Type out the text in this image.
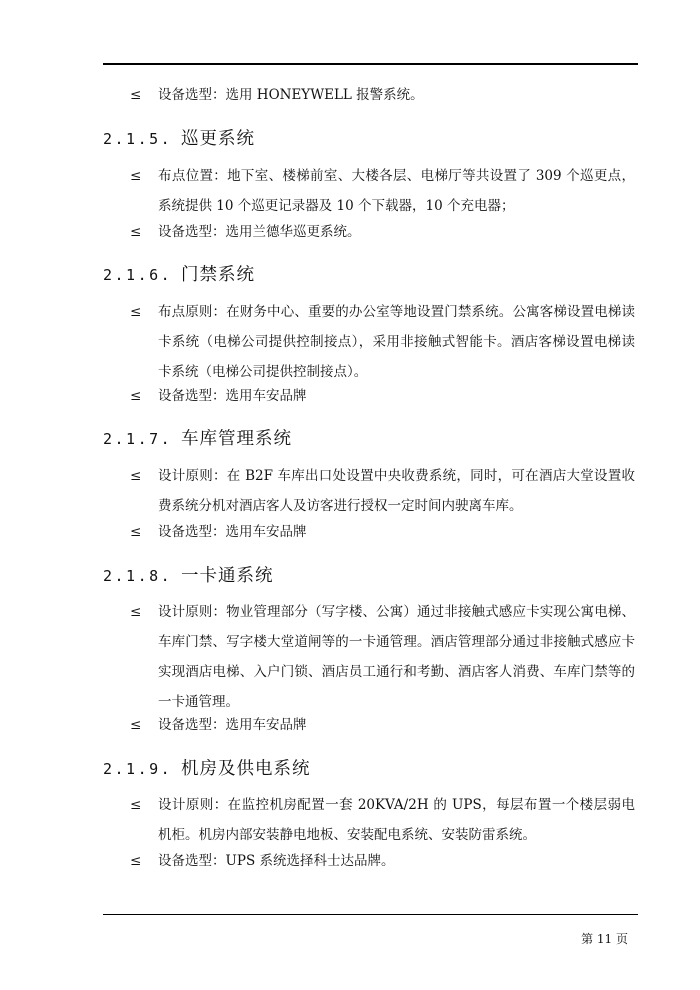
≤	设备选型：选用 HONEYWELL 报警系统。
2.1.5. 巡更系统
≤	布点位置：地下室、楼梯前室、大楼各层、电梯厅等共设置了 309 个巡更点，系统提供 10 个巡更记录器及 10 个下载器，10 个充电器；
≤	设备选型：选用兰德华巡更系统。
2.1.6. 门禁系统
≤	布点原则：在财务中心、重要的办公室等地设置门禁系统。公寓客梯设置电梯读卡系统（电梯公司提供控制接点），采用非接触式智能卡。酒店客梯设置电梯读卡系统（电梯公司提供控制接点）。
≤	设备选型：选用车安品牌
2.1.7. 车库管理系统
≤	设计原则：在 B2F 车库出口处设置中央收费系统，同时，可在酒店大堂设置收费系统分机对酒店客人及访客进行授权一定时间内驶离车库。
≤	设备选型：选用车安品牌
2.1.8. 一卡通系统
≤	设计原则：物业管理部分（写字楼、公寓）通过非接触式感应卡实现公寓电梯、车库门禁、写字楼大堂道闸等的一卡通管理。酒店管理部分通过非接触式感应卡实现酒店电梯、入户门锁、酒店员工通行和考勤、酒店客人消费、车库门禁等的一卡通管理。
≤	设备选型：选用车安品牌
2.1.9. 机房及供电系统
≤	设计原则：在监控机房配置一套 20KVA/2H 的 UPS，每层布置一个楼层弱电机柜。机房内部安装静电地板、安装配电系统、安装防雷系统。
≤	设备选型：UPS 系统选择科士达品牌。
第 11 页
